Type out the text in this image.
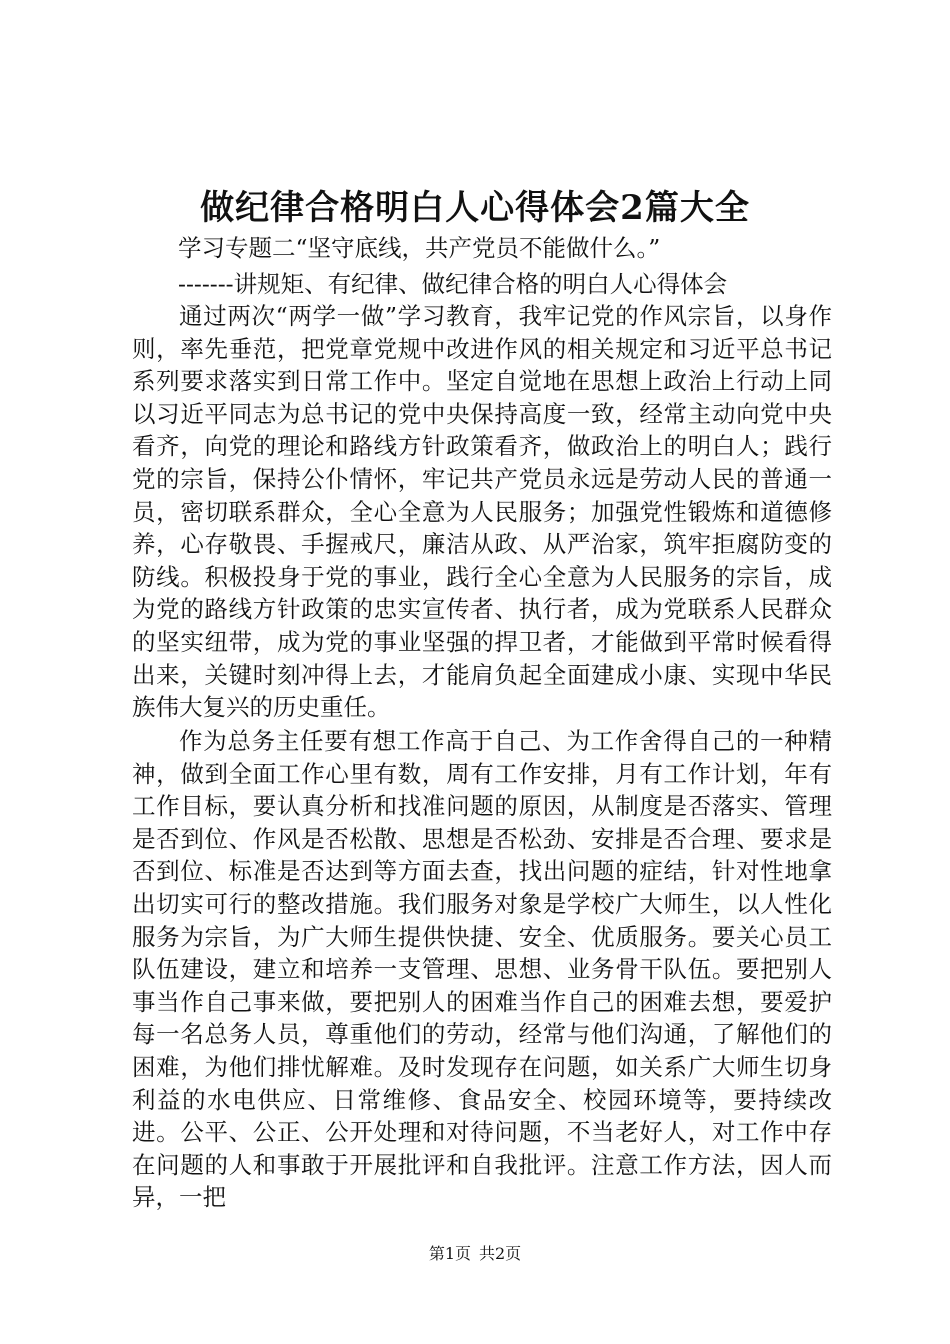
做纪律合格明白人心得体会2篇大全
学习专题二“坚守底线，共产党员不能做什么。”
-------讲规矩、有纪律、做纪律合格的明白人心得体会

通过两次“两学一做”学习教育，我牢记党的作风宗旨，以身作则，率先垂范，把党章党规中改进作风的相关规定和习近平总书记系列要求落实到日常工作中。坚定自觉地在思想上政治上行动上同以习近平同志为总书记的党中央保持高度一致，经常主动向党中央看齐，向党的理论和路线方针政策看齐，做政治上的明白人；践行党的宗旨，保持公仆情怀，牢记共产党员永远是劳动人民的普通一员，密切联系群众，全心全意为人民服务；加强党性锻炼和道德修养，心存敬畏、手握戒尺，廉洁从政、从严治家，筑牢拒腐防变的防线。积极投身于党的事业，践行全心全意为人民服务的宗旨，成为党的路线方针政策的忠实宣传者、执行者，成为党联系人民群众的坚实纽带，成为党的事业坚强的捍卫者，才能做到平常时候看得出来，关键时刻冲得上去，才能肩负起全面建成小康、实现中华民族伟大复兴的历史重任。

作为总务主任要有想工作高于自己、为工作舍得自己的一种精神，做到全面工作心里有数，周有工作安排，月有工作计划，年有工作目标，要认真分析和找准问题的原因，从制度是否落实、管理是否到位、作风是否松散、思想是否松劲、安排是否合理、要求是否到位、标准是否达到等方面去查，找出问题的症结，针对性地拿出切实可行的整改措施。我们服务对象是学校广大师生，以人性化服务为宗旨，为广大师生提供快捷、安全、优质服务。要关心员工队伍建设，建立和培养一支管理、思想、业务骨干队伍。要把别人事当作自己事来做，要把别人的困难当作自己的困难去想，要爱护每一名总务人员，尊重他们的劳动，经常与他们沟通，了解他们的困难，为他们排忧解难。及时发现存在问题，如关系广大师生切身利益的水电供应、日常维修、食品安全、校园环境等，要持续改进。公平、公正、公开处理和对待问题，不当老好人，对工作中存在问题的人和事敢于开展批评和自我批评。注意工作方法，因人而异，一把

第1页 共2页
